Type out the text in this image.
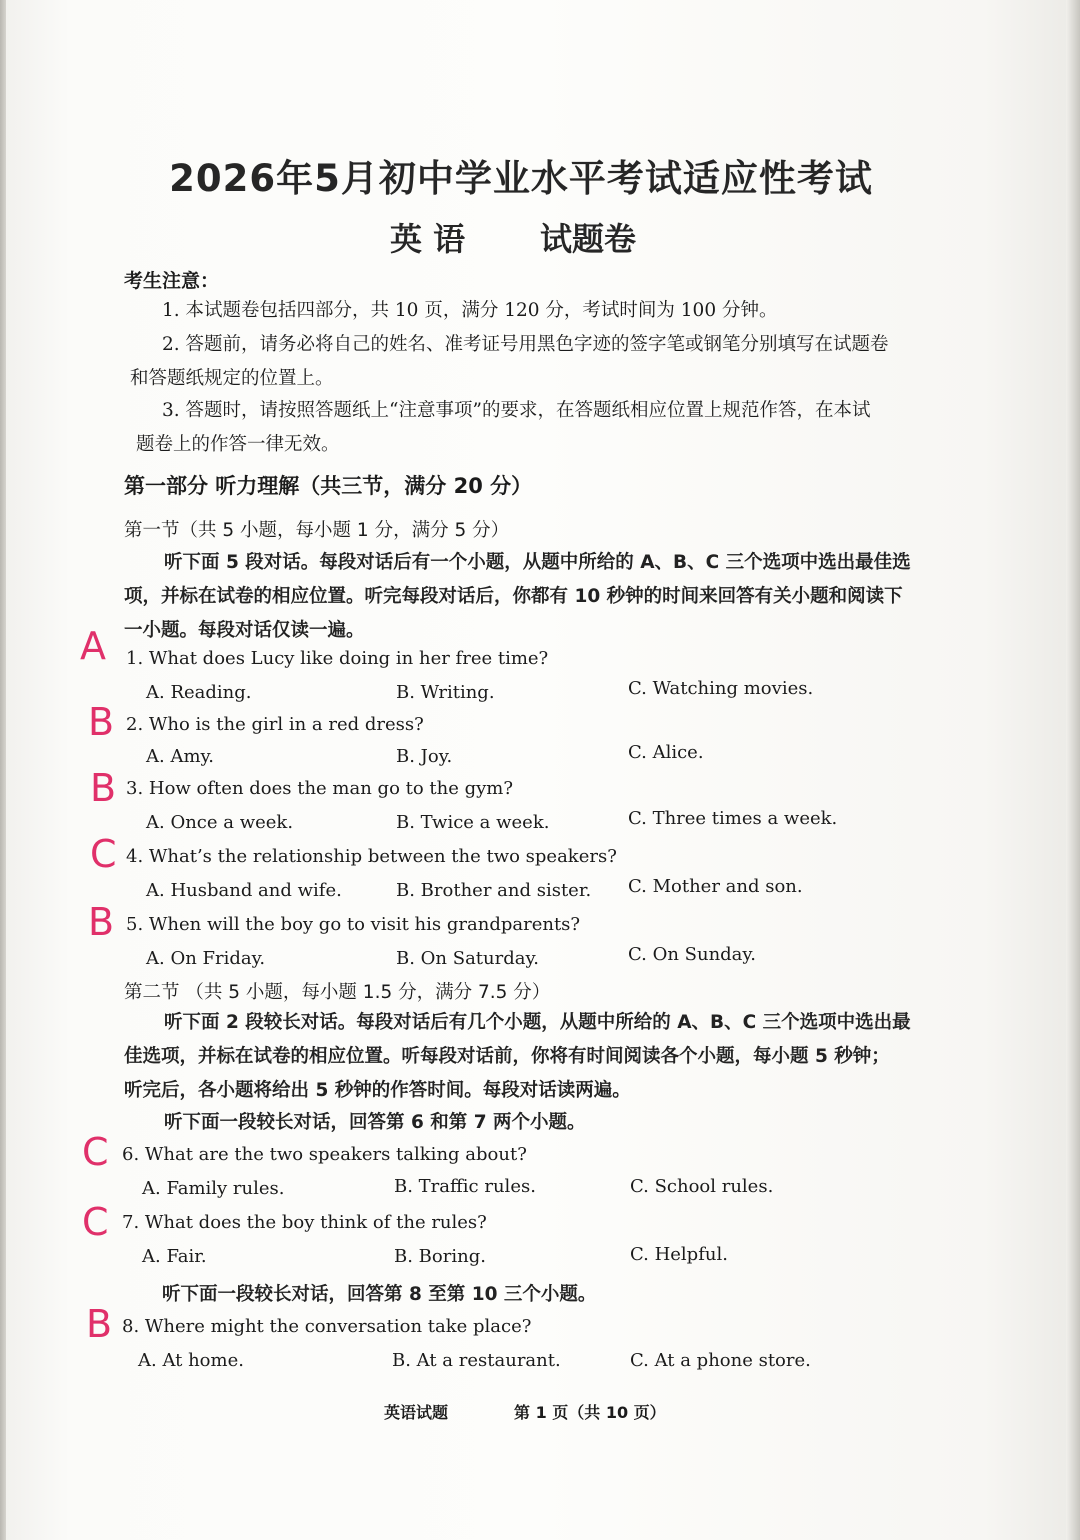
2026年5月初中学业水平考试适应性考试
英 语 试题卷
考生注意：
1. 本试题卷包括四部分，共 10 页，满分 120 分，考试时间为 100 分钟。
2. 答题前，请务必将自己的姓名、准考证号用黑色字迹的签字笔或钢笔分别填写在试题卷
和答题纸规定的位置上。
3. 答题时，请按照答题纸上“注意事项”的要求，在答题纸相应位置上规范作答，在本试
题卷上的作答一律无效。
第一部分 听力理解（共三节，满分 20 分）
第一节（共 5 小题，每小题 1 分，满分 5 分）
听下面 5 段对话。每段对话后有一个小题，从题中所给的 A、B、C 三个选项中选出最佳选
项，并标在试卷的相应位置。听完每段对话后，你都有 10 秒钟的时间来回答有关小题和阅读下
一小题。每段对话仅读一遍。
A 1. What does Lucy like doing in her free time?
A. Reading.	B. Writing.	C. Watching movies.
B 2. Who is the girl in a red dress?
A. Amy.	B. Joy.	C. Alice.
B 3. How often does the man go to the gym?
A. Once a week.	B. Twice a week.	C. Three times a week.
C 4. What’s the relationship between the two speakers?
A. Husband and wife.	B. Brother and sister. C. Mother and son.
B 5. When will the boy go to visit his grandparents?
A. On Friday.	B. On Saturday.	C. On Sunday.
第二节 （共 5 小题，每小题 1.5 分，满分 7.5 分）
听下面 2 段较长对话。每段对话后有几个小题，从题中所给的 A、B、C 三个选项中选出最
佳选项，并标在试卷的相应位置。听每段对话前，你将有时间阅读各个小题，每小题 5 秒钟；
听完后，各小题将给出 5 秒钟的作答时间。每段对话读两遍。
听下面一段较长对话，回答第 6 和第 7 两个小题。
C 6. What are the two speakers talking about?
A. Family rules.	B. Traffic rules.	C. School rules.
C 7. What does the boy think of the rules?
A. Fair.	B. Boring.	C. Helpful.
听下面一段较长对话，回答第 8 至第 10 三个小题。
B 8. Where might the conversation take place?
A. At home.	B. At a restaurant.	C. At a phone store.
英语试题	第 1 页（共 10 页）
